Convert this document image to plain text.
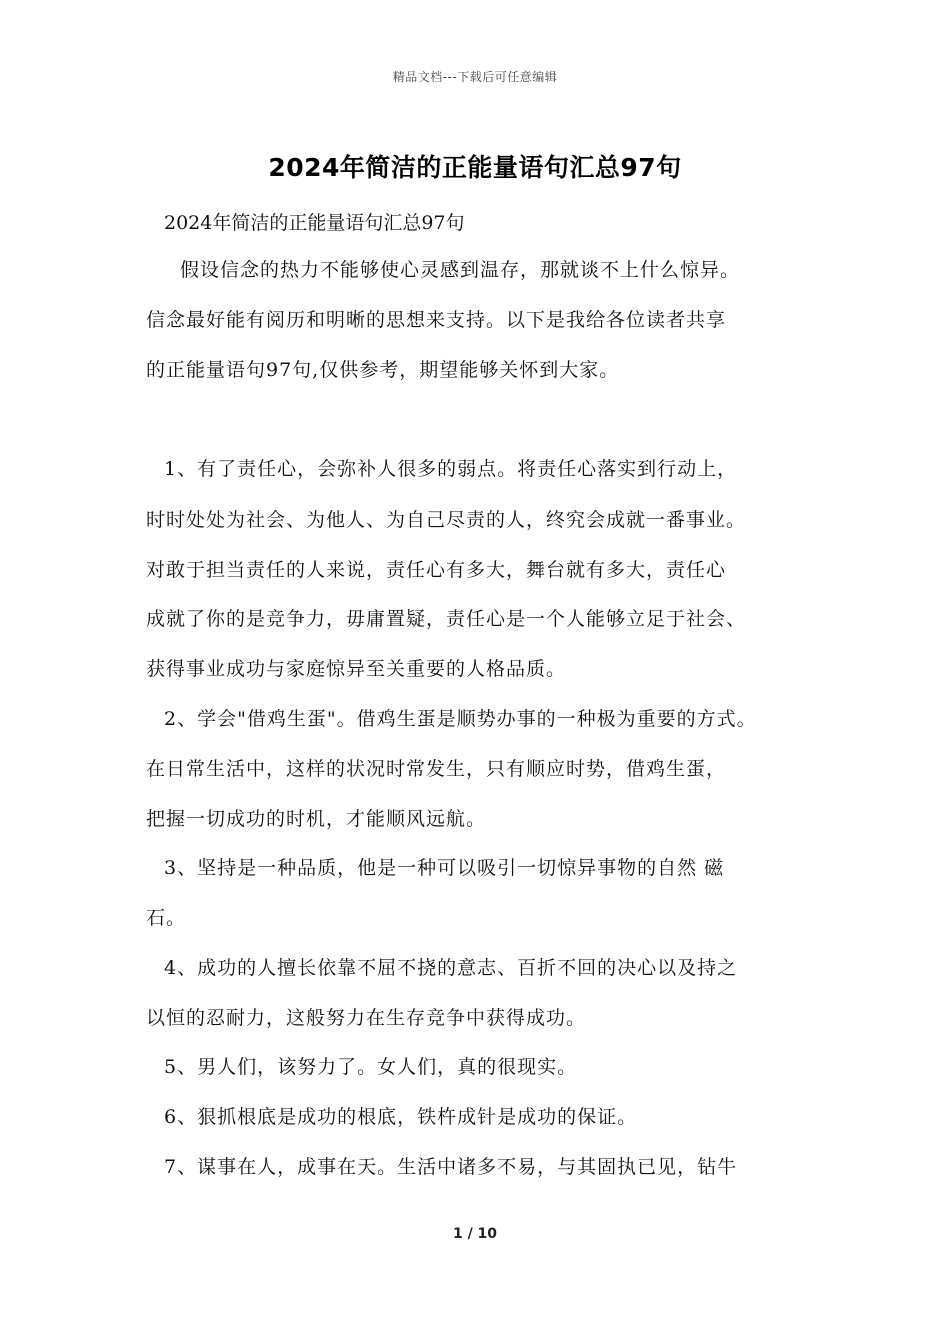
精品文档---下载后可任意编辑
2024年简洁的正能量语句汇总97句
2024年简洁的正能量语句汇总97句
假设信念的热力不能够使心灵感到温存，那就谈不上什么惊异。
信念最好能有阅历和明晰的思想来支持。以下是我给各位读者共享
的正能量语句97句,仅供参考，期望能够关怀到大家。
1、有了责任心，会弥补人很多的弱点。将责任心落实到行动上，
时时处处为社会、为他人、为自己尽责的人，终究会成就一番事业。
对敢于担当责任的人来说，责任心有多大，舞台就有多大，责任心
成就了你的是竞争力，毋庸置疑，责任心是一个人能够立足于社会、
获得事业成功与家庭惊异至关重要的人格品质。
2、学会"借鸡生蛋"。借鸡生蛋是顺势办事的一种极为重要的方式。
在日常生活中，这样的状况时常发生，只有顺应时势，借鸡生蛋，
把握一切成功的时机，才能顺风远航。
3、坚持是一种品质，他是一种可以吸引一切惊异事物的自然 磁
石。
4、成功的人擅长依靠不屈不挠的意志、百折不回的决心以及持之
以恒的忍耐力，这般努力在生存竞争中获得成功。
5、男人们，该努力了。女人们，真的很现实。
6、狠抓根底是成功的根底，铁杵成针是成功的保证。
7、谋事在人，成事在天。生活中诸多不易，与其固执已见，钻牛
1 / 10
